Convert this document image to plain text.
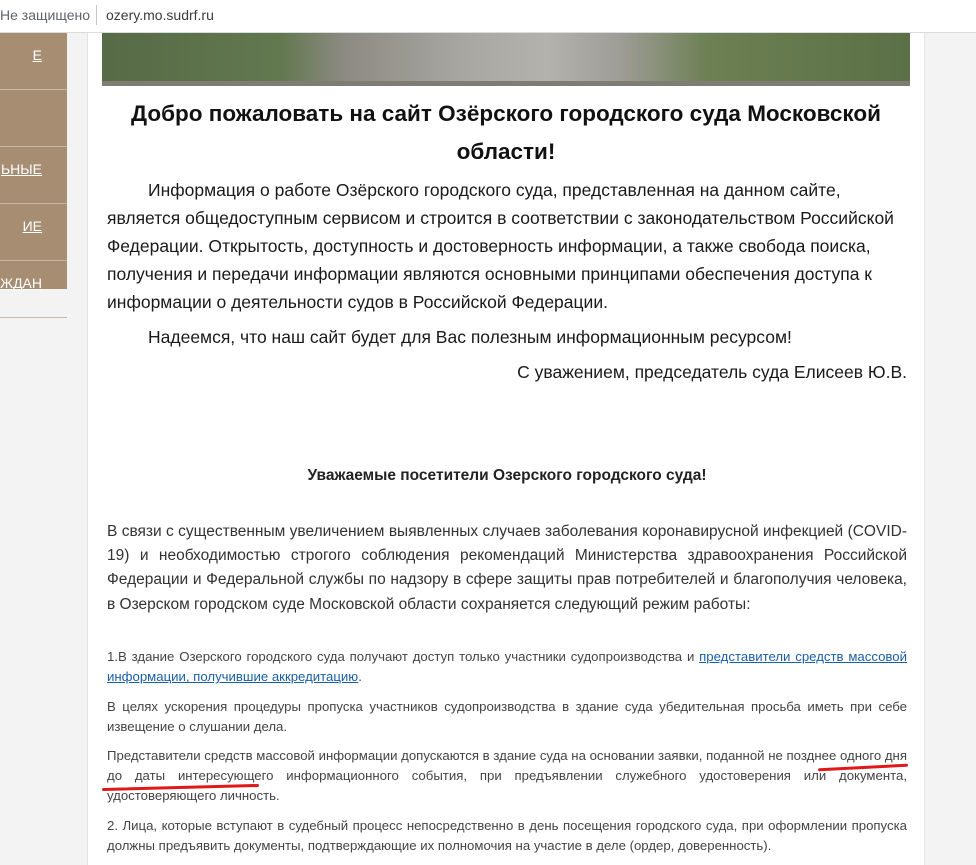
Не защищено ozery.mo.sudrf.ru
Е
ЬНЫЕ
ИЕ
ЖДАН
Добро пожаловать на сайт Озёрского городского суда Московской области!

Информация о работе Озёрского городского суда, представленная на данном сайте, является общедоступным сервисом и строится в соответствии с законодательством Российской Федерации. Открытость, доступность и достоверность информации, а также свобода поиска, получения и передачи информации являются основными принципами обеспечения доступа к информации о деятельности судов в Российской Федерации.

Надеемся, что наш сайт будет для Вас полезным информационным ресурсом!
С уважением, председатель суда Елисеев Ю.В.
Уважаемые посетители Озерского городского суда!
В связи с существенным увеличением выявленных случаев заболевания коронавирусной инфекцией (COVID-19) и необходимостью строгого соблюдения рекомендаций Министерства здравоохранения Российской Федерации и Федеральной службы по надзору в сфере защиты прав потребителей и благополучия человека, в Озерском городском суде Московской области сохраняется следующий режим работы:
1.В здание Озерского городского суда получают доступ только участники судопроизводства и представители средств массовой информации, получившие аккредитацию.
В целях ускорения процедуры пропуска участников судопроизводства в здание суда убедительная просьба иметь при себе извещение о слушании дела.
Представители средств массовой информации допускаются в здание суда на основании заявки, поданной не позднее одного дня до даты интересующего информационного события, при предъявлении служебного удостоверения или документа, удостоверяющего личность.
2. Лица, которые вступают в судебный процесс непосредственно в день посещения городского суда, при оформлении пропуска должны предъявить документы, подтверждающие их полномочия на участие в деле (ордер, доверенность).
